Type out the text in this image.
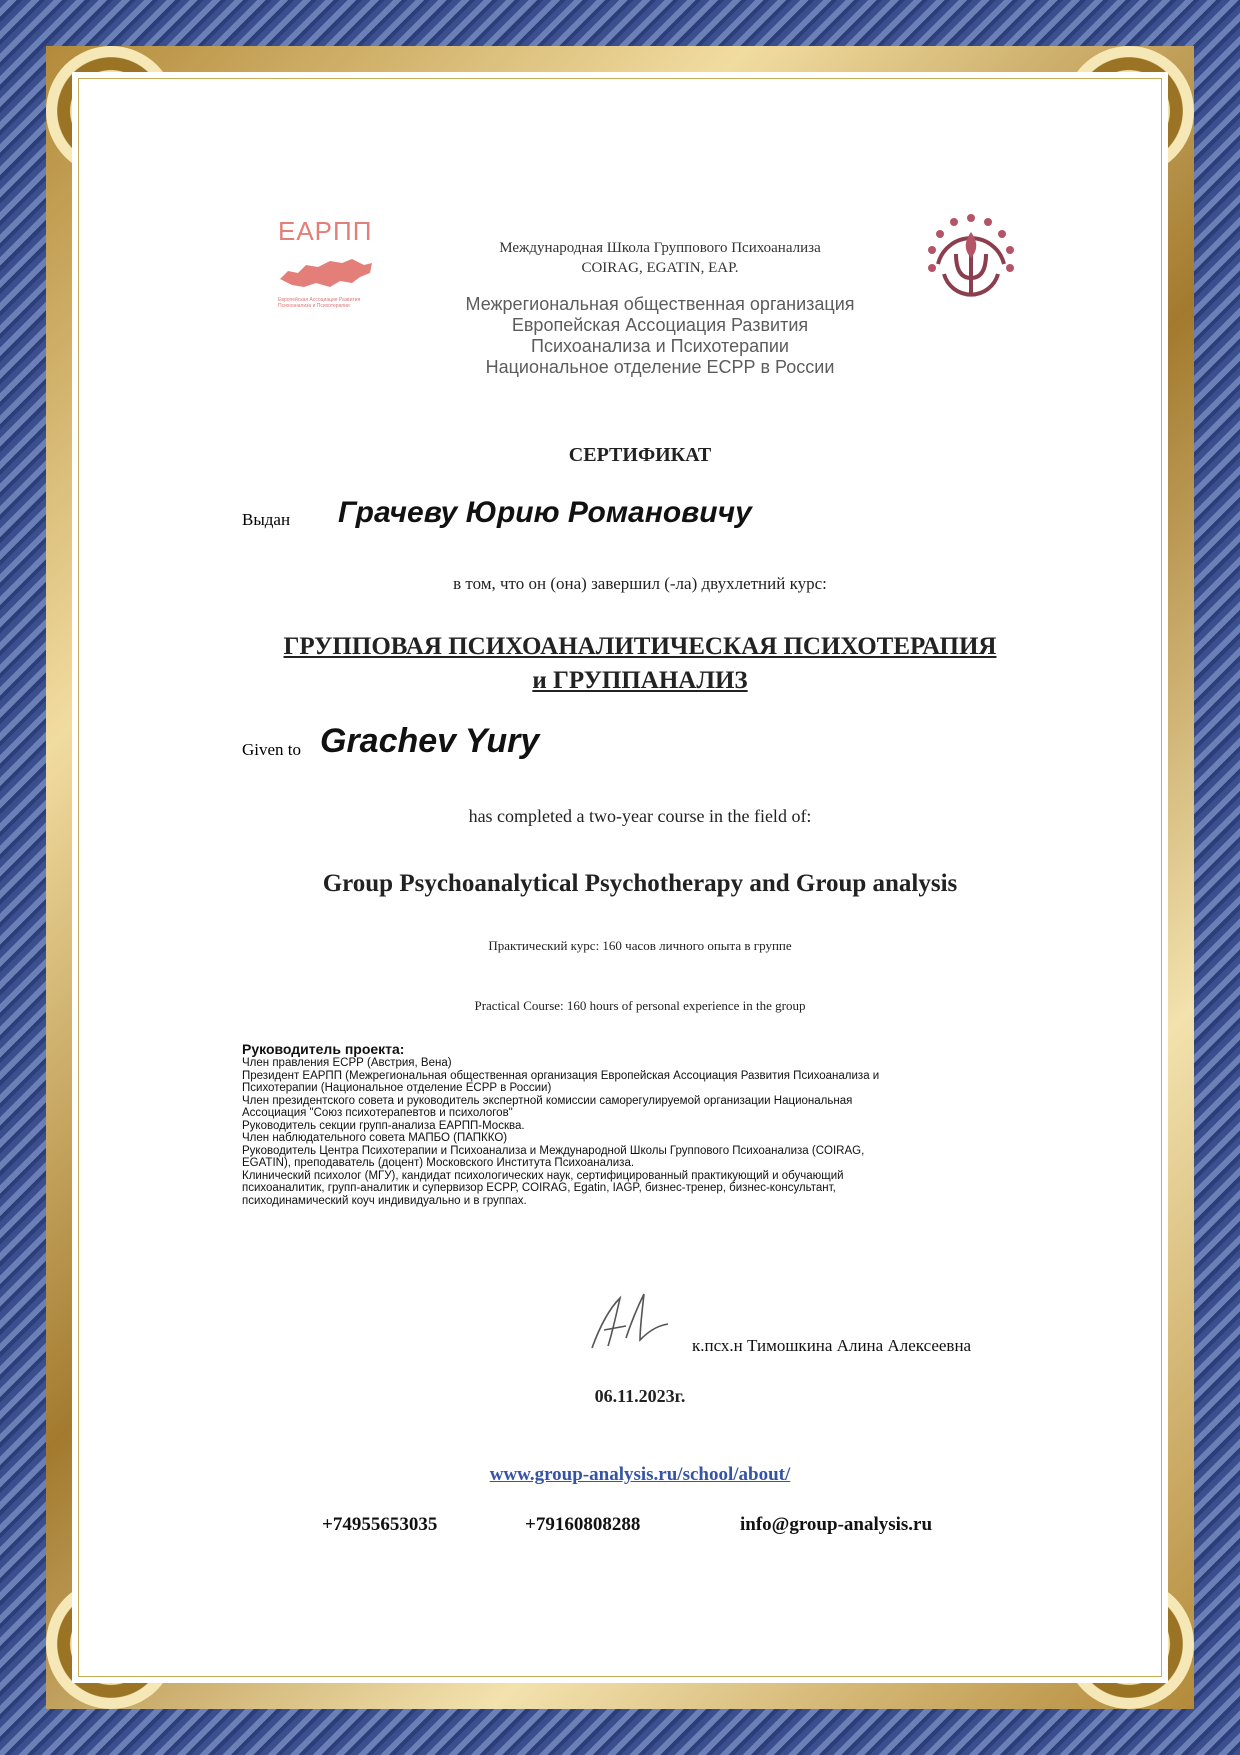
ЕАРПП
Европейская Ассоциация Развития Психоанализа и Психотерапии
Международная Школа Группового Психоанализа
COIRAG, EGATIN, EAP.
Межрегиональная общественная организация
Европейская Ассоциация Развития
Психоанализа и Психотерапии
Национальное отделение ЕСРР в России
СЕРТИФИКАТ
Выдан Грачеву Юрию Романовичу
в том, что он (она) завершил (-ла) двухлетний курс:
ГРУППОВАЯ ПСИХОАНАЛИТИЧЕСКАЯ ПСИХОТЕРАПИЯ
и ГРУППАНАЛИЗ
Given to Grachev Yury
has completed a two-year course in the field of:
Group Psychoanalytical Psychotherapy and Group analysis
Практический курс: 160 часов личного опыта в группе
Practical Course: 160 hours of personal experience in the group
Руководитель проекта:
Член правления ЕСРР (Австрия, Вена)
Президент ЕАРПП (Межрегиональная общественная организация Европейская Ассоциация Развития Психоанализа и
Психотерапии (Национальное отделение ЕСРР в России)
Член президентского совета и руководитель экспертной комиссии саморегулируемой организации Национальная
Ассоциация "Союз психотерапевтов и психологов"
Руководитель секции групп-анализа ЕАРПП-Москва.
Член наблюдательного совета МАПБО (ПАПККО)
Руководитель Центра Психотерапии и Психоанализа и Международной Школы Группового Психоанализа (COIRAG,
EGATIN), преподаватель (доцент) Московского Института Психоанализа.
Клинический психолог (МГУ), кандидат психологических наук, сертифицированный практикующий и обучающий
психоаналитик, групп-аналитик и супервизор ЕСРР, COIRAG, Egatin, IAGP, бизнес-тренер, бизнес-консультант,
психодинамический коуч индивидуально и в группах.
к.псх.н Тимошкина Алина Алексеевна
06.11.2023г.
www.group-analysis.ru/school/about/
+74955653035	+79160808288	info@group-analysis.ru
